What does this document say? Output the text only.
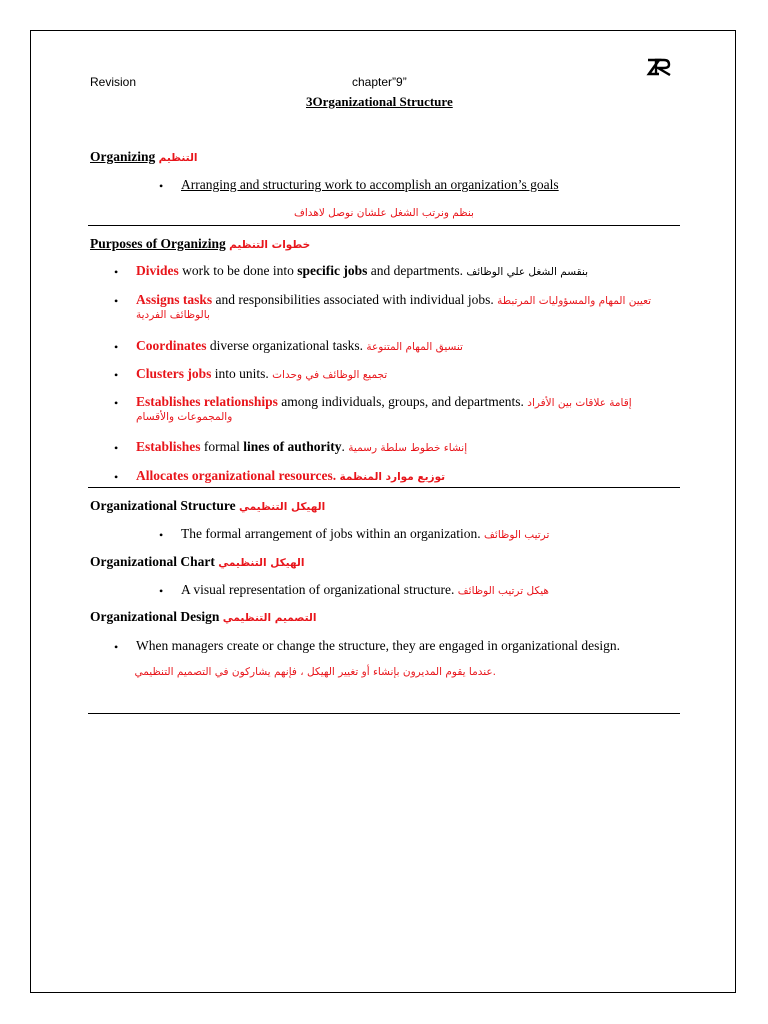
Revision	chapter”9”
3Organizational Structure
Organizing التنظيم
• Arranging and structuring work to accomplish an organization’s goals
بنظم ونرتب الشغل علشان نوصل لاهداف
Purposes of Organizing خطوات التنظيم
• Divides work to be done into specific jobs and departments. بنقسم الشغل علي الوظائف
• Assigns tasks and responsibilities associated with individual jobs. تعيين المهام والمسؤوليات المرتبطة
بالوظائف الفردية
• Coordinates diverse organizational tasks. تنسيق المهام المتنوعة
• Clusters jobs into units. تجميع الوظائف في وحدات
• Establishes relationships among individuals, groups, and departments. إقامة علاقات بين الأفراد
والمجموعات والأقسام
• Establishes formal lines of authority. إنشاء خطوط سلطة رسمية
• Allocates organizational resources. توزيع موارد المنظمة
Organizational Structure الهيكل التنظيمي
• The formal arrangement of jobs within an organization. ترتيب الوظائف
Organizational Chart الهيكل التنظيمي
• A visual representation of organizational structure. هيكل ترتيب الوظائف
Organizational Design التصميم التنظيمي
• When managers create or change the structure, they are engaged in organizational design.
.عندما يقوم المديرون بإنشاء أو تغيير الهيكل ، فإنهم يشاركون في التصميم التنظيمي
